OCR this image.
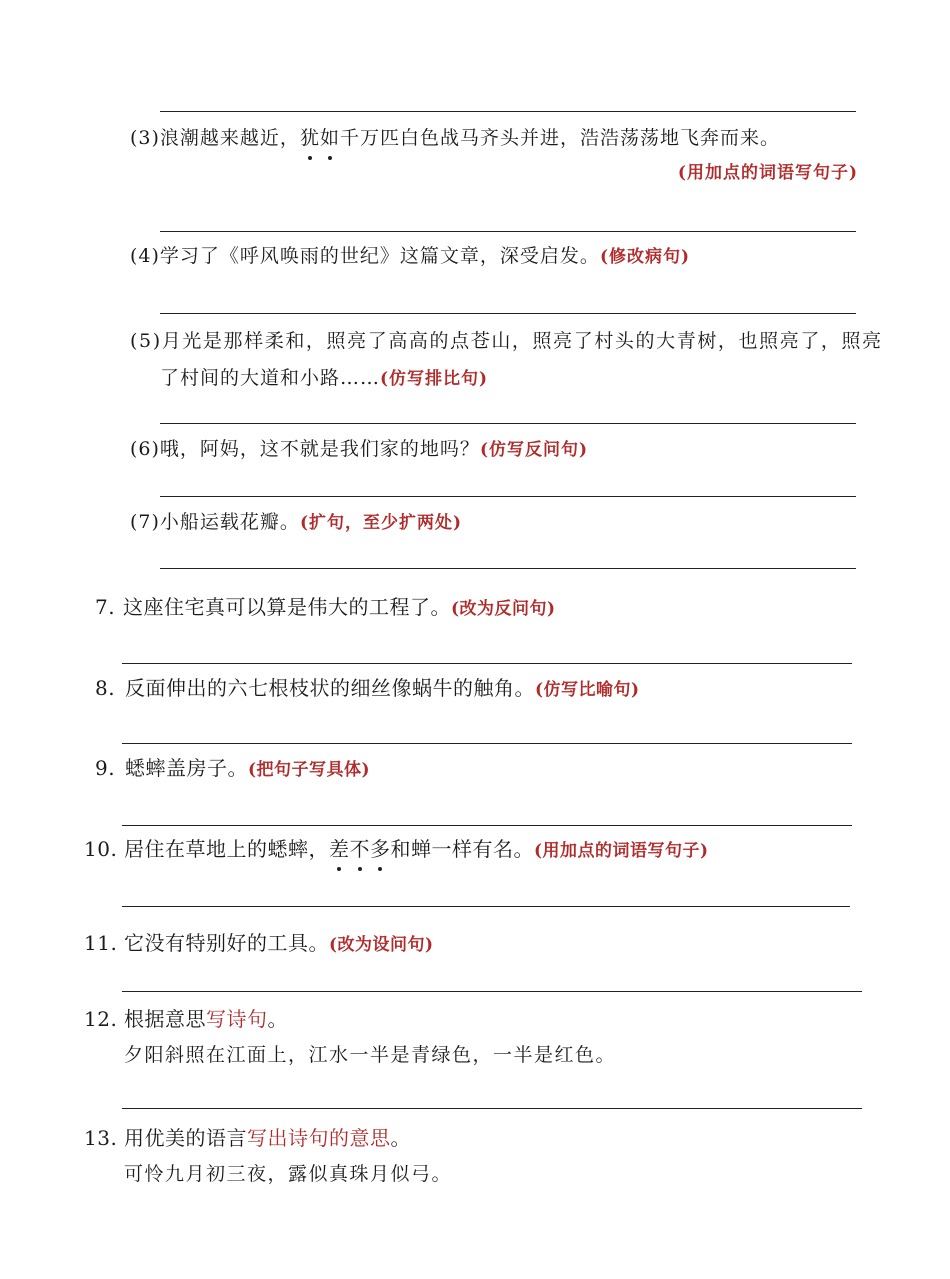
(3)浪潮越来越近，犹如千万匹白色战马齐头并进，浩浩荡荡地飞奔而来。
(用加点的词语写句子)
(4)学习了《呼风唤雨的世纪》这篇文章，深受启发。(修改病句)
(5)月光是那样柔和，照亮了高高的点苍山，照亮了村头的大青树，也照亮了，照亮
了村间的大道和小路……(仿写排比句)
(6)哦，阿妈，这不就是我们家的地吗？(仿写反问句)
(7)小船运载花瓣。(扩句，至少扩两处)
7. 这座住宅真可以算是伟大的工程了。(改为反问句)
8. 反面伸出的六七根枝状的细丝像蜗牛的触角。(仿写比喻句)
9. 蟋蟀盖房子。(把句子写具体)
10. 居住在草地上的蟋蟀，差不多和蝉一样有名。(用加点的词语写句子)
11. 它没有特别好的工具。(改为设问句)
12. 根据意思写诗句。
夕阳斜照在江面上，江水一半是青绿色，一半是红色。
13. 用优美的语言写出诗句的意思。
可怜九月初三夜，露似真珠月似弓。
